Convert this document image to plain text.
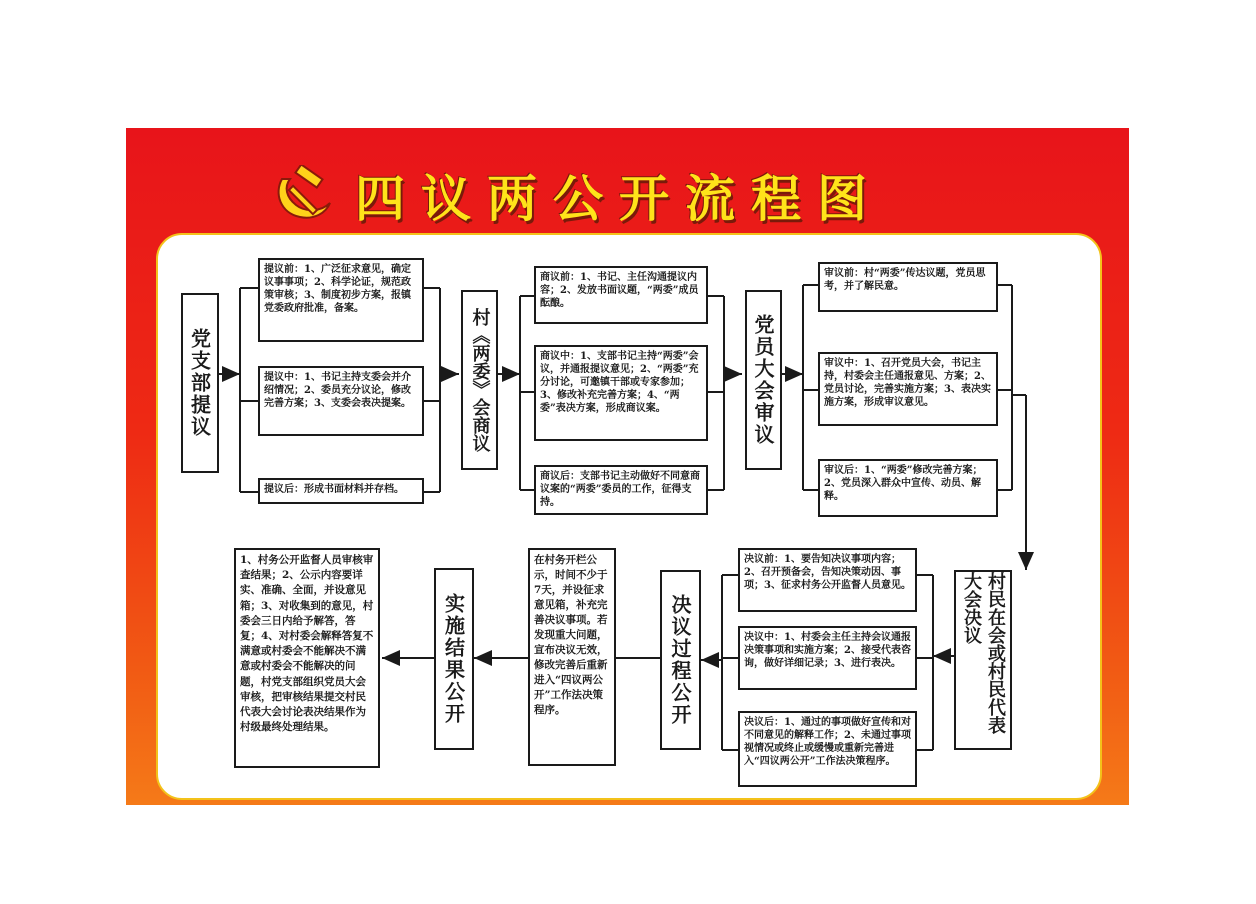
四议两公开流程图
党支部提议
提议前：1、广泛征求意见，确定议事事项；2、科学论证，规范政策审核；3、制度初步方案，报镇党委政府批准，备案。
提议中：1、书记主持支委会并介绍情况；2、委员充分议论，修改完善方案；3、支委会表决提案。
提议后：形成书面材料并存档。
村《两委》会商议
商议前：1、书记、主任沟通提议内容；2、发放书面议题，“两委”成员酝酿。
商议中：1、支部书记主持“两委”会议，并通报提议意见；2、“两委”充分讨论，可邀镇干部或专家参加；3、修改补充完善方案；4、“两委”表决方案，形成商议案。
商议后：支部书记主动做好不同意商议案的“两委”委员的工作，征得支持。
党员大会审议
审议前：村“两委”传达议题，党员思考，并了解民意。
审议中：1、召开党员大会，书记主持，村委会主任通报意见、方案；2、党员讨论，完善实施方案；3、表决实施方案，形成审议意见。
审议后：1、“两委”修改完善方案；2、党员深入群众中宣传、动员、解释。
村民在会或村民代表大会决议
决议前：1、要告知决议事项内容；2、召开预备会，告知决策动因、事项；3、征求村务公开监督人员意见。
决议中：1、村委会主任主持会议通报决策事项和实施方案；2、接受代表咨询，做好详细记录；3、进行表决。
决议后：1、通过的事项做好宣传和对不同意见的解释工作；2、未通过事项视情况或终止或缓慢或重新完善进入“四议两公开”工作法决策程序。
决议过程公开
在村务开栏公示，时间不少于7天，并设征求意见箱，补充完善决议事项。若发现重大问题，宣布决议无效，修改完善后重新进入“四议两公开”工作法决策程序。
实施结果公开
1、村务公开监督人员审核审查结果；2、公示内容要详实、准确、全面，并设意见箱；3、对收集到的意见，村委会三日内给予解答，答复；4、对村委会解释答复不满意或村委会不能解决不满意或村委会不能解决的问题，村党支部组织党员大会审核，把审核结果提交村民代表大会讨论表决结果作为村级最终处理结果。
